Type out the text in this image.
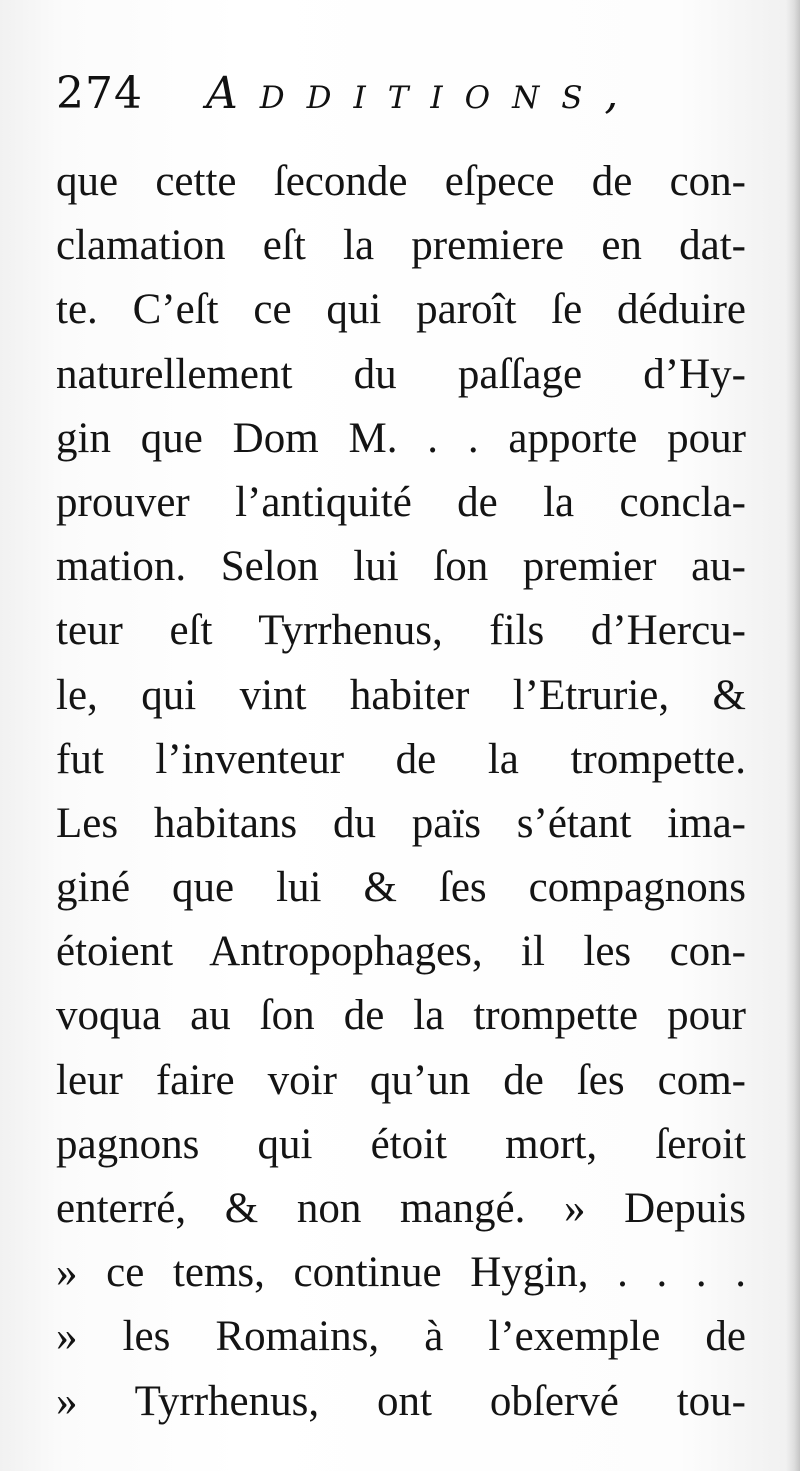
274 Additions,
que cette ſeconde eſpece de con-
clamation eſt la premiere en dat-
te. C’eſt ce qui paroît ſe déduire
naturellement du paſſage d’Hy-
gin que Dom M. . . apporte pour
prouver l’antiquité de la concla-
mation. Selon lui ſon premier au-
teur eſt Tyrrhenus, fils d’Hercu-
le, qui vint habiter l’Etrurie, &
fut l’inventeur de la trompette.
Les habitans du païs s’étant ima-
giné que lui & ſes compagnons
étoient Antropophages, il les con-
voqua au ſon de la trompette pour
leur faire voir qu’un de ſes com-
pagnons qui étoit mort, ſeroit
enterré, & non mangé. » Depuis
» ce tems, continue Hygin, . . . .
» les Romains, à l’exemple de
» Tyrrhenus, ont obſervé tou-
